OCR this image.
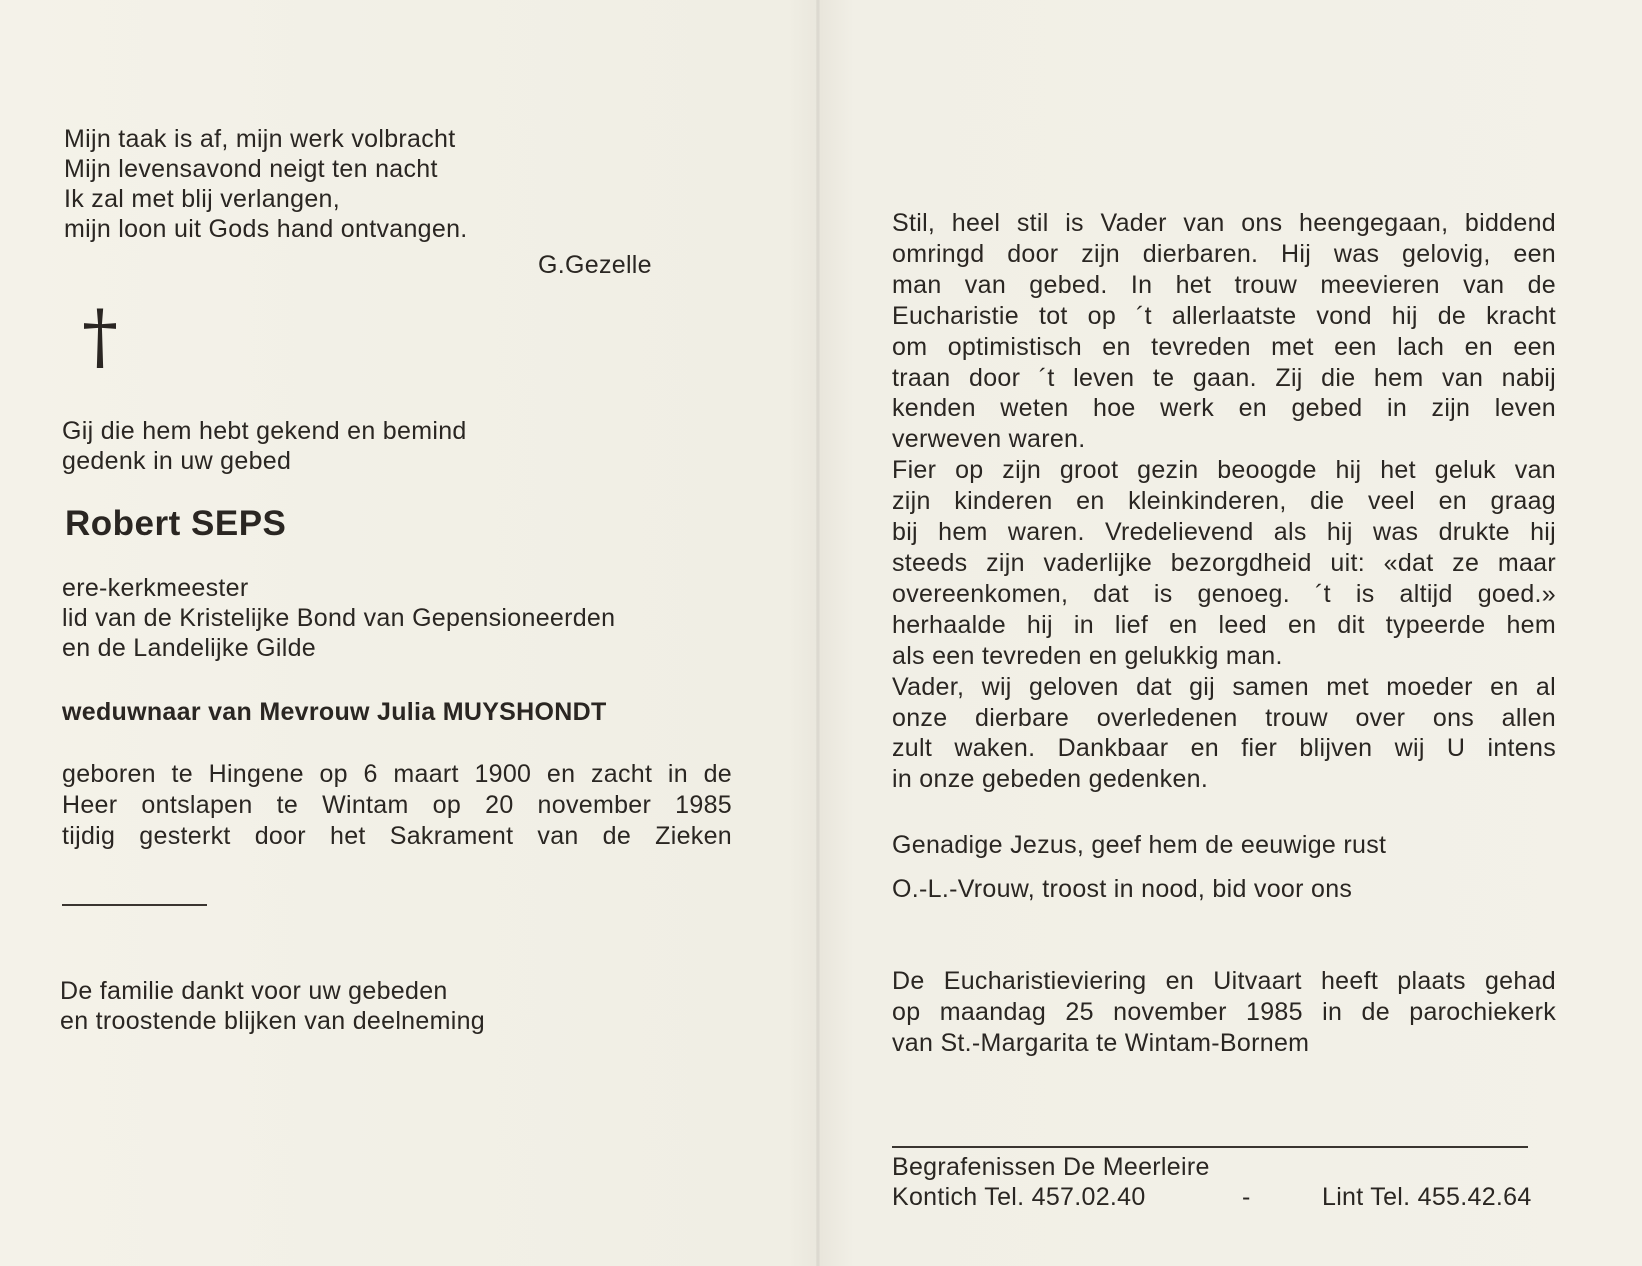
Mijn taak is af, mijn werk volbracht
Mijn levensavond neigt ten nacht
Ik zal met blij verlangen,
mijn loon uit Gods hand ontvangen.
G.Gezelle
†
Gij die hem hebt gekend en bemind
gedenk in uw gebed
Robert SEPS
ere-kerkmeester
lid van de Kristelijke Bond van Gepensioneerden
en de Landelijke Gilde
weduwnaar van Mevrouw Julia MUYSHONDT
geboren te Hingene op 6 maart 1900 en zacht in de
Heer ontslapen te Wintam op 20 november 1985
tijdig gesterkt door het Sakrament van de Zieken
De familie dankt voor uw gebeden
en troostende blijken van deelneming
Stil, heel stil is Vader van ons heengegaan, biddend
omringd door zijn dierbaren. Hij was gelovig, een
man van gebed. In het trouw meevieren van de
Eucharistie tot op ´t allerlaatste vond hij de kracht
om optimistisch en tevreden met een lach en een
traan door ´t leven te gaan. Zij die hem van nabij
kenden weten hoe werk en gebed in zijn leven
verweven waren.
Fier op zijn groot gezin beoogde hij het geluk van
zijn kinderen en kleinkinderen, die veel en graag
bij hem waren. Vredelievend als hij was drukte hij
steeds zijn vaderlijke bezorgdheid uit: «dat ze maar
overeenkomen, dat is genoeg. ´t is altijd goed.»
herhaalde hij in lief en leed en dit typeerde hem
als een tevreden en gelukkig man.
Vader, wij geloven dat gij samen met moeder en al
onze dierbare overledenen trouw over ons allen
zult waken. Dankbaar en fier blijven wij U intens
in onze gebeden gedenken.
Genadige Jezus, geef hem de eeuwige rust
O.-L.-Vrouw, troost in nood, bid voor ons
De Eucharistieviering en Uitvaart heeft plaats gehad
op maandag 25 november 1985 in de parochiekerk
van St.-Margarita te Wintam-Bornem
Begrafenissen De Meerleire
Kontich Tel. 457.02.40	-	Lint Tel. 455.42.64
